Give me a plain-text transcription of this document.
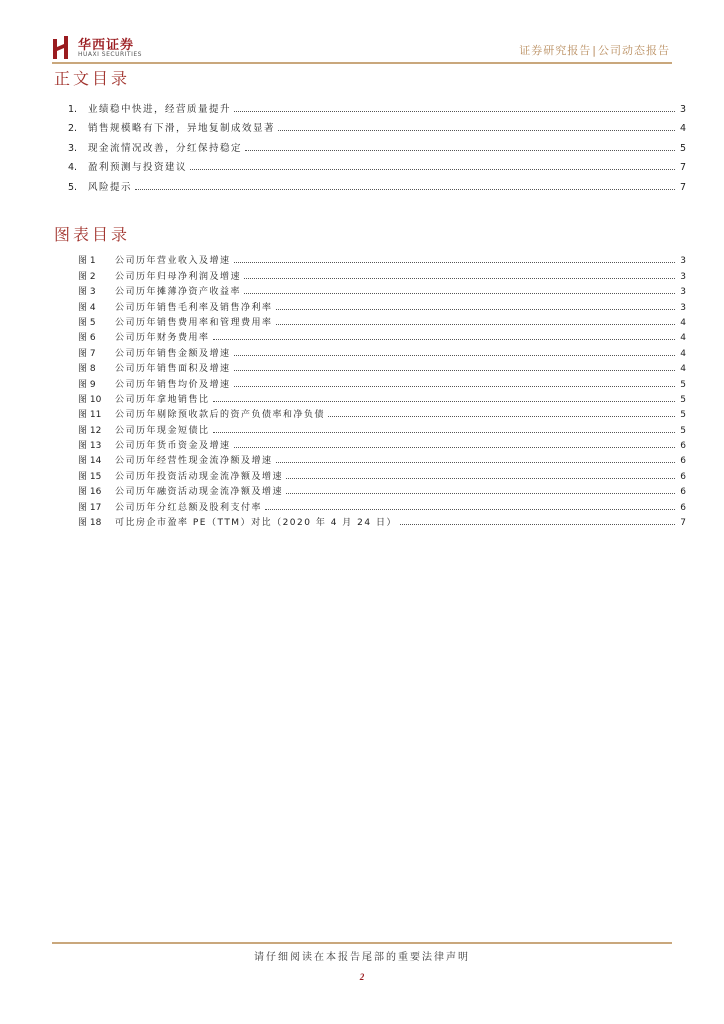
华西证券
HUAXI SECURITIES	证券研究报告|公司动态报告
正文目录
1.	业绩稳中快进，经营质量提升	3
2.	销售规模略有下滑，异地复制成效显著	4
3.	现金流情况改善，分红保持稳定	5
4.	盈利预测与投资建议	7
5.	风险提示	7
图表目录
图 1	公司历年营业收入及增速	3
图 2	公司历年归母净利润及增速	3
图 3	公司历年摊薄净资产收益率	3
图 4	公司历年销售毛利率及销售净利率	3
图 5	公司历年销售费用率和管理费用率	4
图 6	公司历年财务费用率	4
图 7	公司历年销售金额及增速	4
图 8	公司历年销售面积及增速	4
图 9	公司历年销售均价及增速	5
图 10	公司历年拿地销售比	5
图 11	公司历年剔除预收款后的资产负债率和净负债	5
图 12	公司历年现金短债比	5
图 13	公司历年货币资金及增速	6
图 14	公司历年经营性现金流净额及增速	6
图 15	公司历年投资活动现金流净额及增速	6
图 16	公司历年融资活动现金流净额及增速	6
图 17	公司历年分红总额及股利支付率	6
图 18	可比房企市盈率 PE（TTM）对比（2020 年 4 月 24 日）	7
请仔细阅读在本报告尾部的重要法律声明
2
